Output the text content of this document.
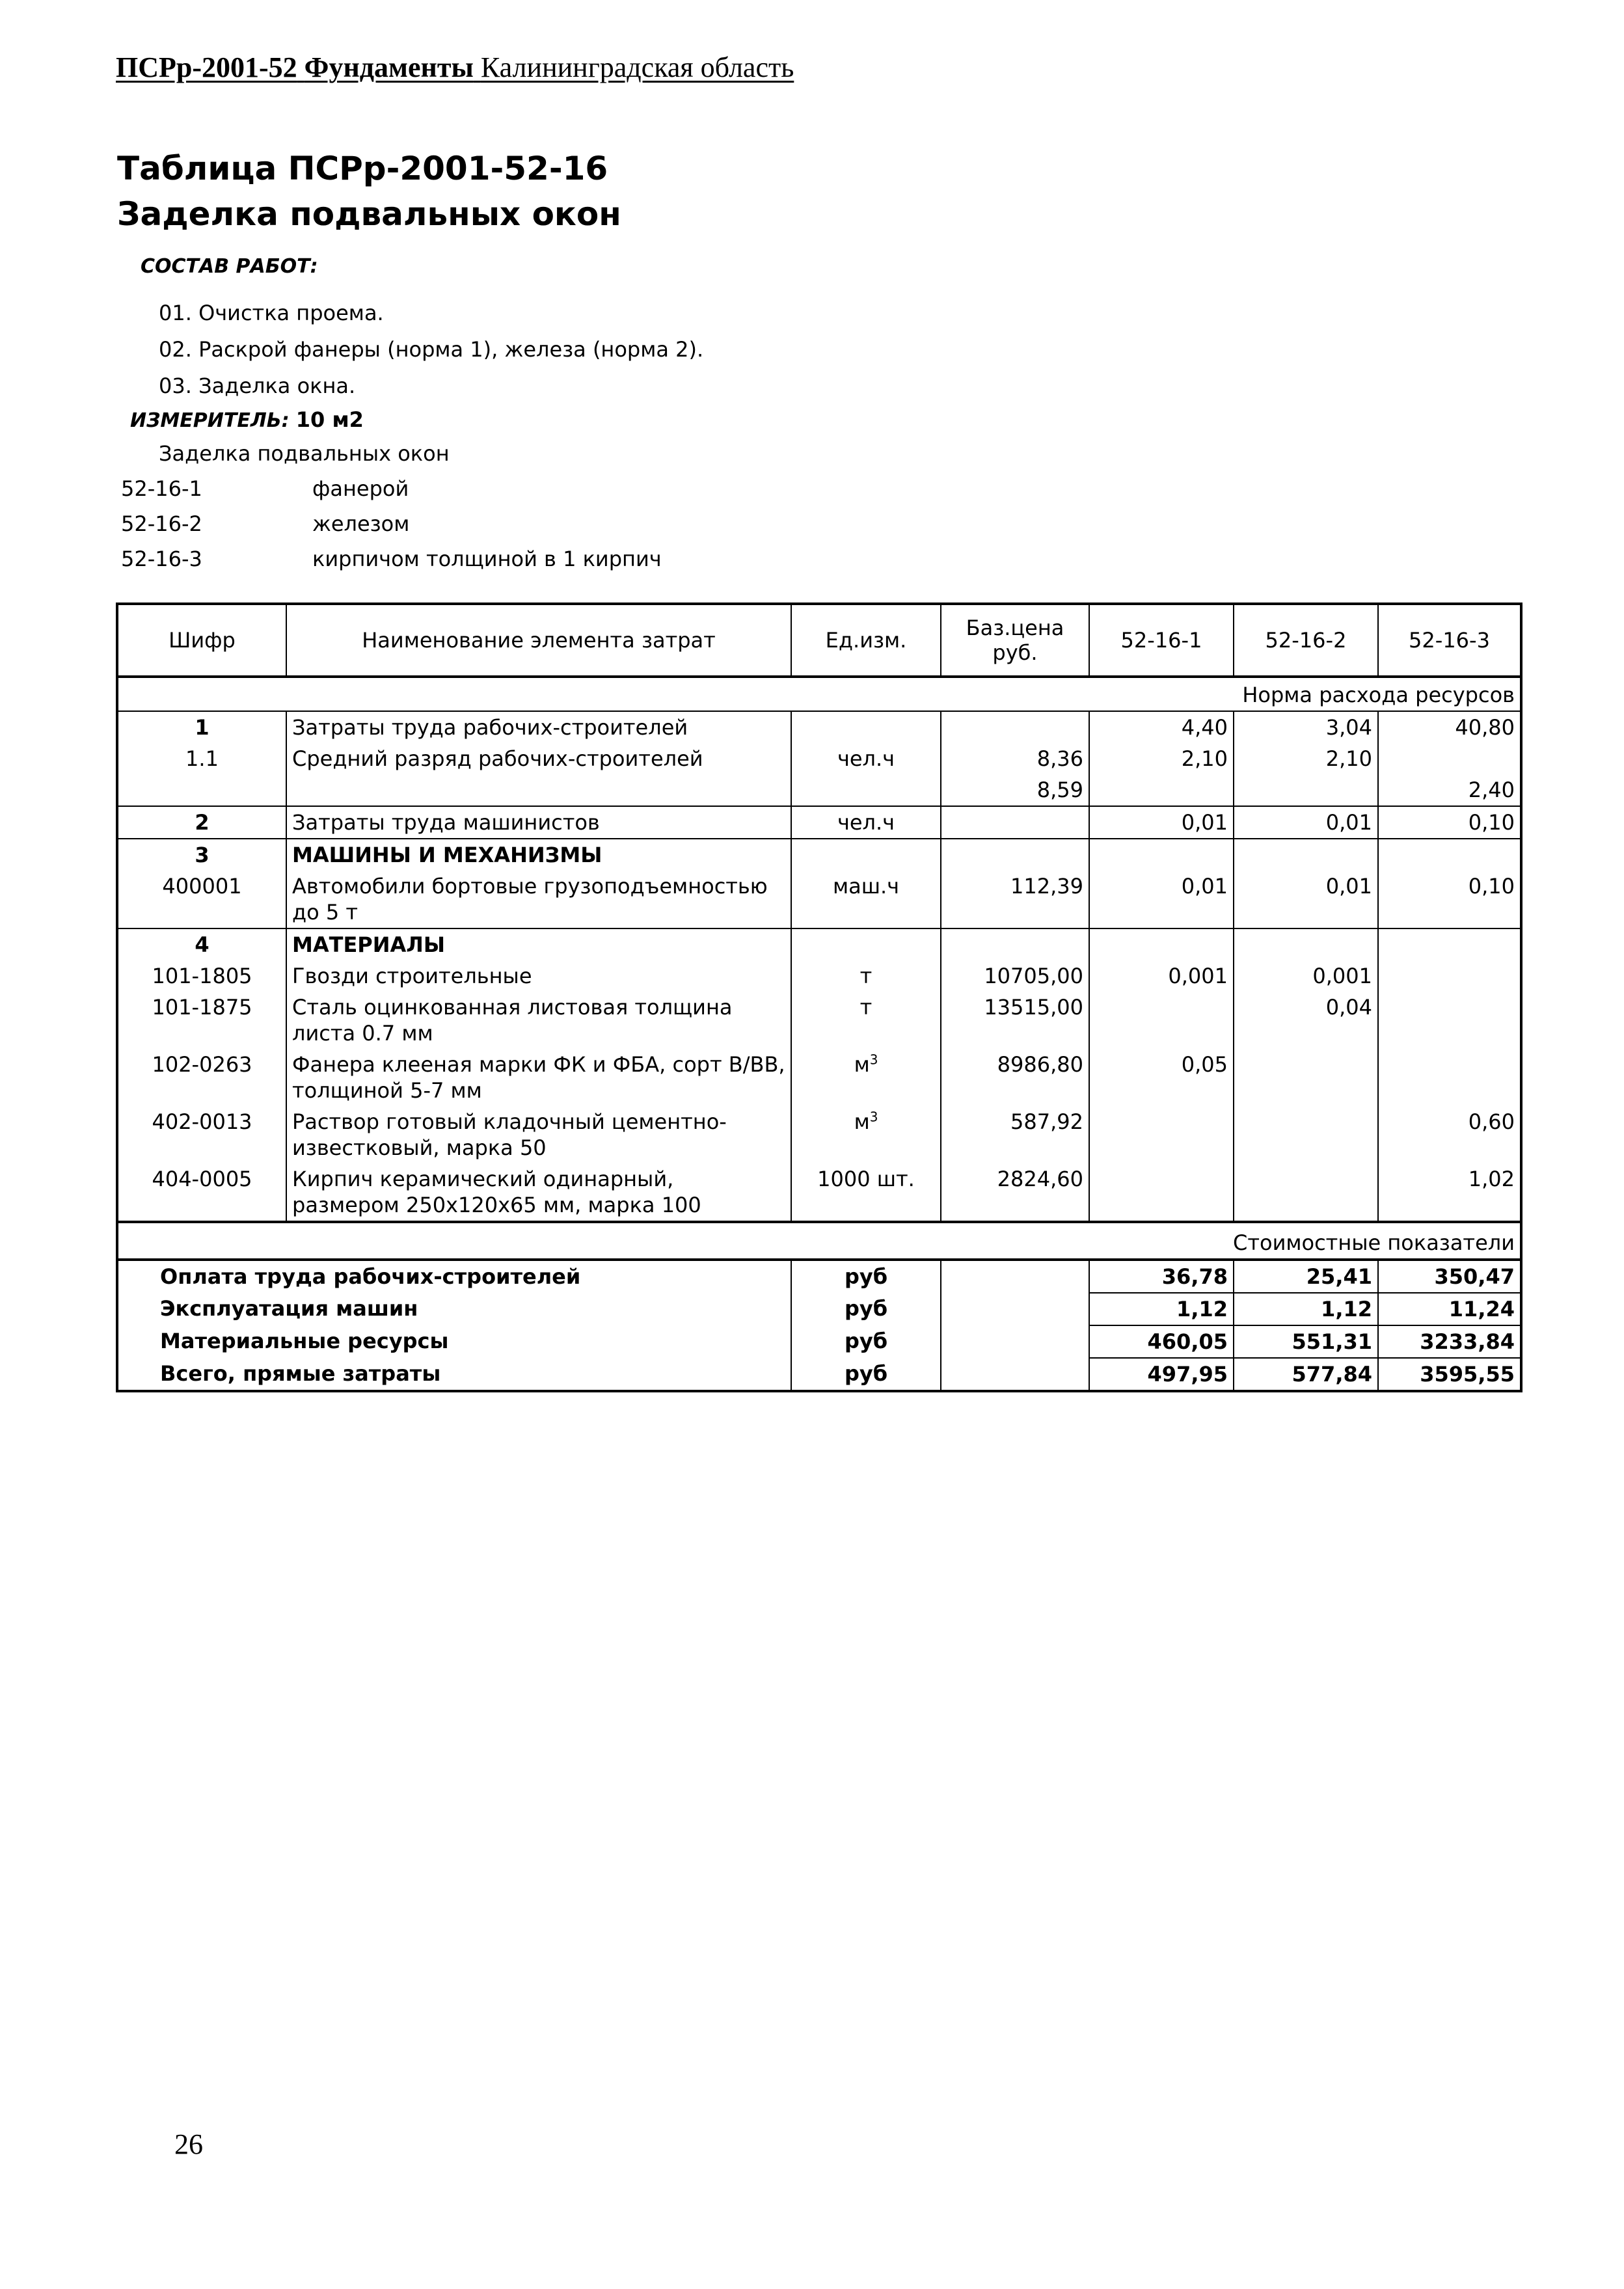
ПСРр-2001-52 Фундаменты Калининградская область
Таблица ПСРр-2001-52-16
Заделка подвальных окон
СОСТАВ РАБОТ:
01. Очистка проема.
02. Раскрой фанеры (норма 1), железа (норма 2).
03. Заделка окна.
ИЗМЕРИТЕЛЬ: 10 м2
Заделка подвальных окон
52-16-1	фанерой
52-16-2	железом
52-16-3	кирпичом толщиной в 1 кирпич
Шифр	Наименование элемента затрат	Ед.изм.	Баз.цена руб.	52-16-1	52-16-2	52-16-3
Норма расхода ресурсов						
1	Затраты труда рабочих-строителей			4,40	3,04	40,80
1.1	Средний разряд рабочих-строителей	чел.ч	8,36	2,10	2,10	
			8,59			2,40
2	Затраты труда машинистов	чел.ч		0,01	0,01	0,10
3	МАШИНЫ И МЕХАНИЗМЫ					
400001	Автомобили бортовые грузоподъемностью до 5 т	маш.ч	112,39	0,01	0,01	0,10
4	МАТЕРИАЛЫ					
101-1805	Гвозди строительные	т	10705,00	0,001	0,001	
101-1875	Сталь оцинкованная листовая толщина листа 0.7 мм	т	13515,00		0,04	
102-0263	Фанера клееная марки ФК и ФБА, сорт В/ВВ, толщиной 5-7 мм	$м^3$	8986,80	0,05		
402-0013	Раствор готовый кладочный цементно-известковый, марка 50	$м^3$	587,92			0,60
404-0005	Кирпич керамический одинарный, размером 250х120х65 мм, марка 100	1000 шт.	2824,60			1,02
Стоимостные показатели						
Оплата труда рабочих-строителей		руб		36,78	25,41	350,47
Эксплуатация машин		руб		1,12	1,12	11,24
Материальные ресурсы		руб		460,05	551,31	3233,84
Всего, прямые затраты		руб		497,95	577,84	3595,55
26
